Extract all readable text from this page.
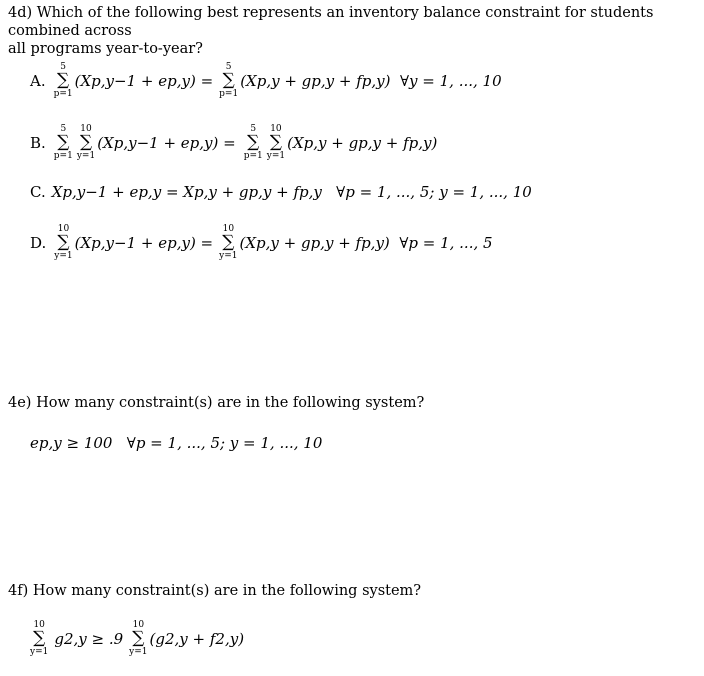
4d) Which of the following best represents an inventory balance constraint for students combined across
all programs year-to-year?
A.
5
∑
p=1
(Xp,y−1 + ep,y) =
5
∑
p=1
(Xp,y + gp,y + fp,y)  ∀y = 1, ..., 10
B.
5
∑
p=1
10
∑
y=1
(Xp,y−1 + ep,y) =
5
∑
p=1
10
∑
y=1
(Xp,y + gp,y + fp,y)
C. Xp,y−1 + ep,y = Xp,y + gp,y + fp,y   ∀p = 1, ..., 5; y = 1, ..., 10
D.
10
∑
y=1
(Xp,y−1 + ep,y) =
10
∑
y=1
(Xp,y + gp,y + fp,y)  ∀p = 1, ..., 5
4e) How many constraint(s) are in the following system?
ep,y ≥ 100   ∀p = 1, ..., 5; y = 1, ..., 10
4f) How many constraint(s) are in the following system?
10
∑
y=1
g2,y ≥ .9
10
∑
y=1
(g2,y + f2,y)
